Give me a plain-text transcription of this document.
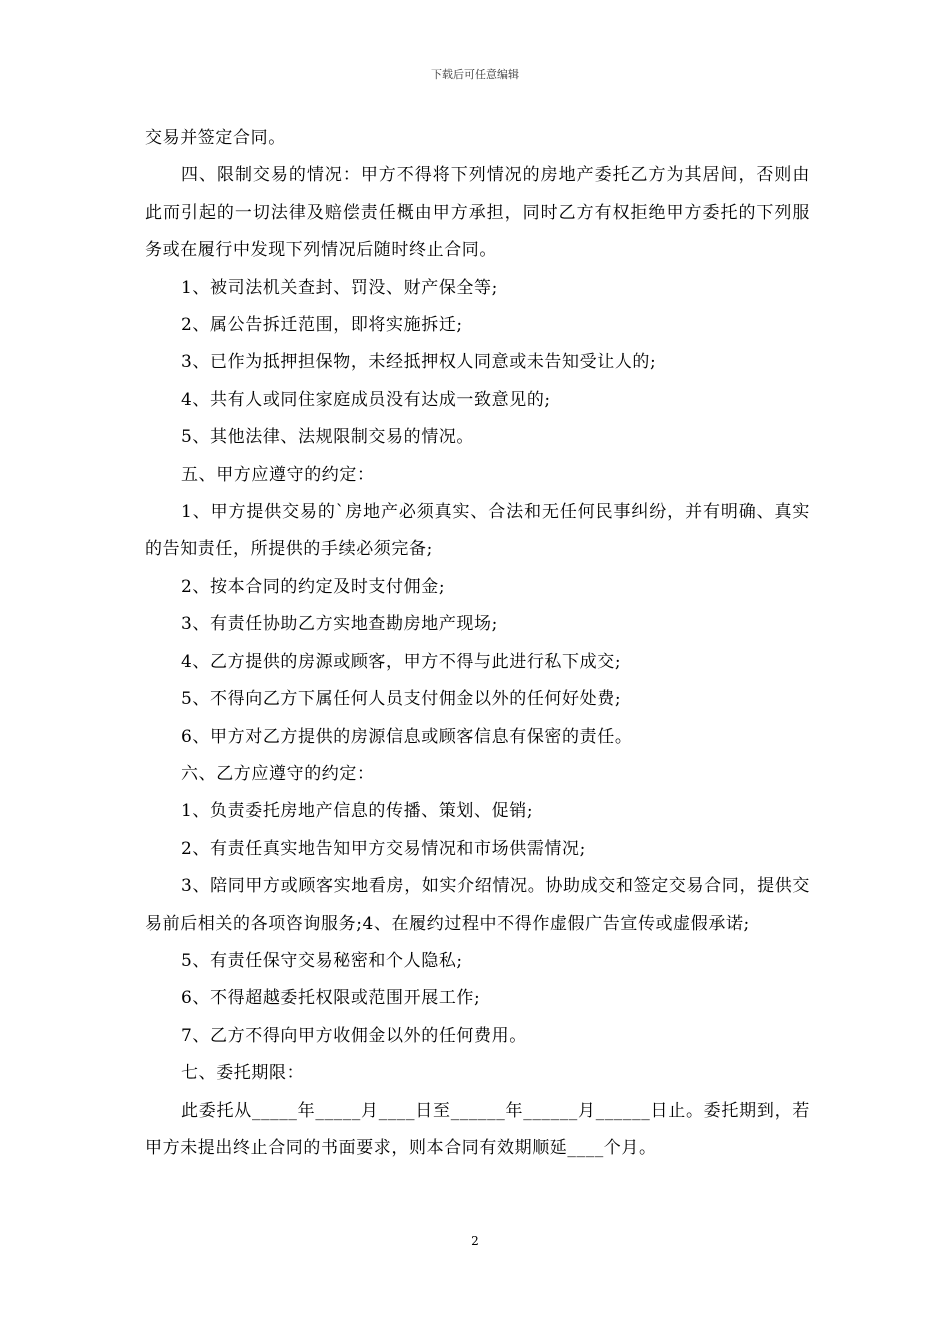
下载后可任意编辑

交易并签定合同。

四、限制交易的情况：甲方不得将下列情况的房地产委托乙方为其居间，否则由此而引起的一切法律及赔偿责任概由甲方承担，同时乙方有权拒绝甲方委托的下列服务或在履行中发现下列情况后随时终止合同。

1、被司法机关查封、罚没、财产保全等;

2、属公告拆迁范围，即将实施拆迁;

3、已作为抵押担保物，未经抵押权人同意或未告知受让人的;

4、共有人或同住家庭成员没有达成一致意见的;

5、其他法律、法规限制交易的情况。

五、甲方应遵守的约定：

1、甲方提供交易的`房地产必须真实、合法和无任何民事纠纷，并有明确、真实的告知责任，所提供的手续必须完备;

2、按本合同的约定及时支付佣金;

3、有责任协助乙方实地查勘房地产现场;

4、乙方提供的房源或顾客，甲方不得与此进行私下成交;

5、不得向乙方下属任何人员支付佣金以外的任何好处费;

6、甲方对乙方提供的房源信息或顾客信息有保密的责任。

六、乙方应遵守的约定：

1、负责委托房地产信息的传播、策划、促销;

2、有责任真实地告知甲方交易情况和市场供需情况;

3、陪同甲方或顾客实地看房，如实介绍情况。协助成交和签定交易合同，提供交易前后相关的各项咨询服务;4、在履约过程中不得作虚假广告宣传或虚假承诺;

5、有责任保守交易秘密和个人隐私;

6、不得超越委托权限或范围开展工作;

7、乙方不得向甲方收佣金以外的任何费用。

七、委托期限：

此委托从_____年_____月____日至______年______月______日止。委托期到，若甲方未提出终止合同的书面要求，则本合同有效期顺延____个月。

2
